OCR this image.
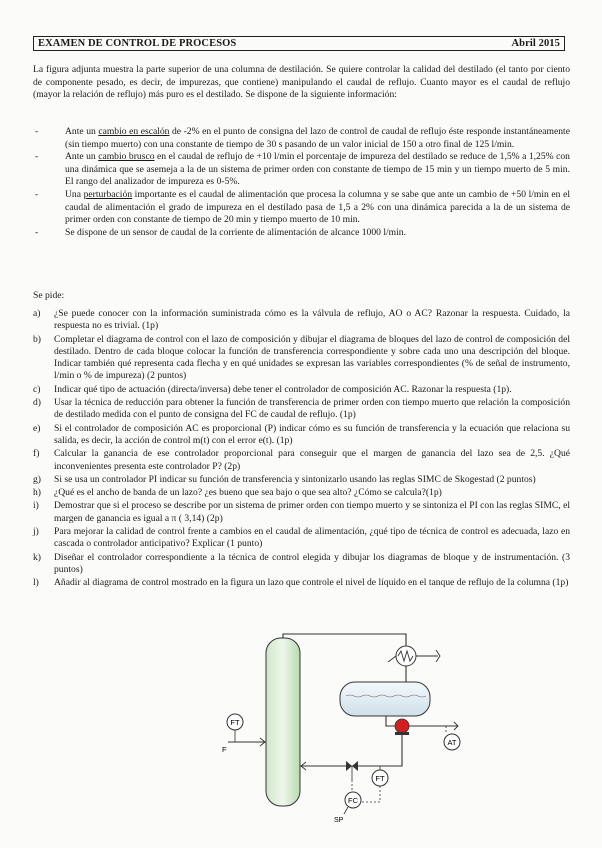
EXAMEN DE CONTROL DE PROCESOS	Abril 2015

La figura adjunta muestra la parte superior de una columna de destilación. Se quiere controlar la calidad del destilado (el tanto por ciento de componente pesado, es decir, de impurezas, que contiene) manipulando el caudal de reflujo. Cuanto mayor es el caudal de reflujo (mayor la relación de reflujo) más puro es el destilado. Se dispone de la siguiente información:

- Ante un cambio en escalón de -2% en el punto de consigna del lazo de control de caudal de reflujo éste responde instantáneamente (sin tiempo muerto) con una constante de tiempo de 30 s pasando de un valor inicial de 150 a otro final de 125 l/min.
- Ante un cambio brusco en el caudal de reflujo de +10 l/min el porcentaje de impureza del destilado se reduce de 1,5% a 1,25% con una dinámica que se asemeja a la de un sistema de primer orden con constante de tiempo de 15 min y un tiempo muerto de 5 min. El rango del analizador de impureza es 0-5%.
- Una perturbación importante es el caudal de alimentación que procesa la columna y se sabe que ante un cambio de +50 l/min en el caudal de alimentación el grado de impureza en el destilado pasa de 1,5 a 2% con una dinámica parecida a la de un sistema de primer orden con constante de tiempo de 20 min y tiempo muerto de 10 min.
- Se dispone de un sensor de caudal de la corriente de alimentación de alcance 1000 l/min.

Se pide:

a) ¿Se puede conocer con la información suministrada cómo es la válvula de reflujo, AO o AC? Razonar la respuesta. Cuidado, la respuesta no es trivial. (1p)
b) Completar el diagrama de control con el lazo de composición y dibujar el diagrama de bloques del lazo de control de composición del destilado. Dentro de cada bloque colocar la función de transferencia correspondiente y sobre cada uno una descripción del bloque. Indicar también qué representa cada flecha y en qué unidades se expresan las variables correspondientes (% de señal de instrumento, l/min o % de impureza) (2 puntos)
c) Indicar qué tipo de actuación (directa/inversa) debe tener el controlador de composición AC. Razonar la respuesta (1p).
d) Usar la técnica de reducción para obtener la función de transferencia de primer orden con tiempo muerto que relación la composición de destilado medida con el punto de consigna del FC de caudal de reflujo. (1p)
e) Si el controlador de composición AC es proporcional (P) indicar cómo es su función de transferencia y la ecuación que relaciona su salida, es decir, la acción de control m(t) con el error e(t). (1p)
f) Calcular la ganancia de ese controlador proporcional para conseguir que el margen de ganancia del lazo sea de 2,5. ¿Qué inconvenientes presenta este controlador P? (2p)
g) Si se usa un controlador PI indicar su función de transferencia y sintonizarlo usando las reglas SIMC de Skogestad (2 puntos)
h) ¿Qué es el ancho de banda de un lazo? ¿es bueno que sea bajo o que sea alto? ¿Cómo se calcula?(1p)
i) Demostrar que si el proceso se describe por un sistema de primer orden con tiempo muerto y se sintoniza el PI con las reglas SIMC, el margen de ganancia es igual a π ( 3,14) (2p)
j) Para mejorar la calidad de control frente a cambios en el caudal de alimentación, ¿qué tipo de técnica de control es adecuada, lazo en cascada o controlador anticipativo? Explicar (1 punto)
k) Diseñar el controlador correspondiente a la técnica de control elegida y dibujar los diagramas de bloque y de instrumentación. (3 puntos)
l) Añadir al diagrama de control mostrado en la figura un lazo que controle el nivel de líquido en el tanque de reflujo de la columna (1p)
AT
FT
FC
SP
FT
F
